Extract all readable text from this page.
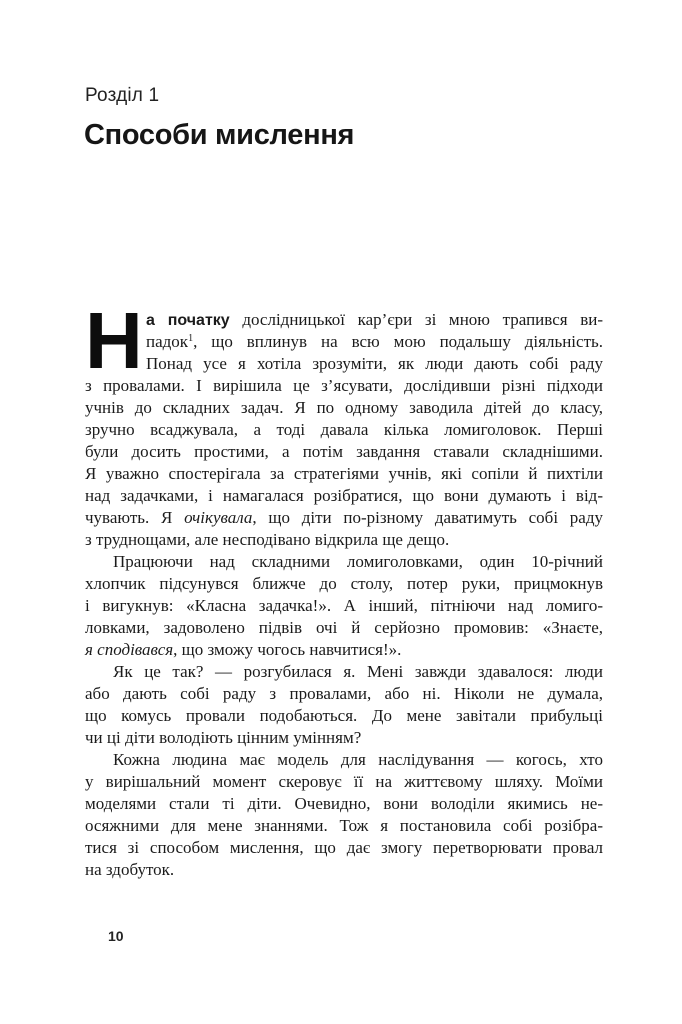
Розділ 1
Способи мислення
Н а початку дослідницької кар’єри зі мною трапився ви-
падок$^1$, що вплинув на всю мою подальшу діяльність.
Понад усе я хотіла зрозуміти, як люди дають собі раду
з провалами. І вирішила це з’ясувати, дослідивши різні підходи
учнів до складних задач. Я по одному заводила дітей до класу,
зручно всаджувала, а тоді давала кілька ломиголовок. Перші
були досить простими, а потім завдання ставали складнішими.
Я уважно спостерігала за стратегіями учнів, які сопіли й пихтіли
над задачками, і намагалася розібратися, що вони думають і від-
чувають. Я очікувала, що діти по-різному даватимуть собі раду
з труднощами, але несподівано відкрила ще дещо.
Працюючи над складними ломиголовками, один 10-річний
хлопчик підсунувся ближче до столу, потер руки, прицмокнув
і вигукнув: «Класна задачка!». А інший, пітніючи над ломиго-
ловками, задоволено підвів очі й серйозно промовив: «Знаєте,
я сподівався, що зможу чогось навчитися!».
Як це так? — розгубилася я. Мені завжди здавалося: люди
або дають собі раду з провалами, або ні. Ніколи не думала,
що комусь провали подобаються. До мене завітали прибульці
чи ці діти володіють цінним умінням?
Кожна людина має модель для наслідування — когось, хто
у вирішальний момент скеровує її на життєвому шляху. Моїми
моделями стали ті діти. Очевидно, вони володіли якимись не-
осяжними для мене знаннями. Тож я постановила собі розібра-
тися зі способом мислення, що дає змогу перетворювати провал
на здобуток.
10
